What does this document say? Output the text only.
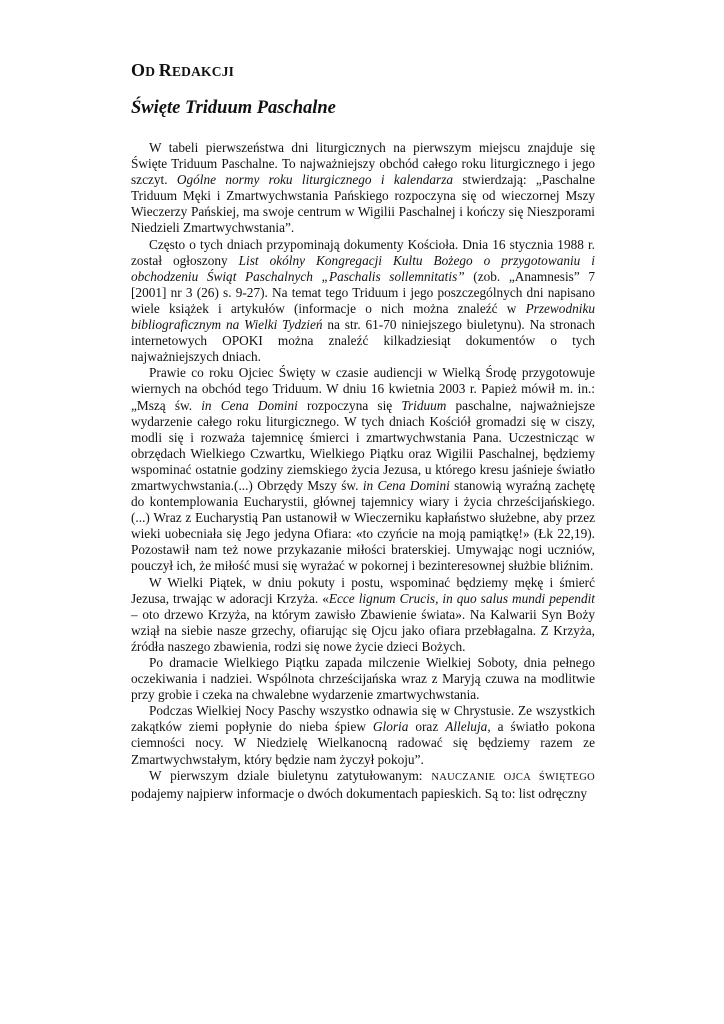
OD REDAKCJI
Święte Triduum Paschalne

W tabeli pierwszeństwa dni liturgicznych na pierwszym miejscu znajduje się Święte Triduum Paschalne. To najważniejszy obchód całego roku liturgicznego i jego szczyt. Ogólne normy roku liturgicznego i kalendarza stwierdzają: „Paschalne Triduum Męki i Zmartwychwstania Pańskiego rozpoczyna się od wieczornej Mszy Wieczerzy Pańskiej, ma swoje centrum w Wigilii Paschalnej i kończy się Nieszporami Niedzieli Zmartwychwstania”.

Często o tych dniach przypominają dokumenty Kościoła. Dnia 16 stycznia 1988 r. został ogłoszony List okólny Kongregacji Kultu Bożego o przygotowaniu i obchodzeniu Świąt Paschalnych „Paschalis sollemnitatis” (zob. „Anamnesis” 7 [2001] nr 3 (26) s. 9-27). Na temat tego Triduum i jego poszczególnych dni napisano wiele książek i artykułów (informacje o nich można znaleźć w Przewodniku bibliograficznym na Wielki Tydzień na str. 61-70 niniejszego biuletynu). Na stronach internetowych OPOKI można znaleźć kilkadziesiąt dokumentów o tych najważniejszych dniach.

Prawie co roku Ojciec Święty w czasie audiencji w Wielką Środę przygotowuje wiernych na obchód tego Triduum. W dniu 16 kwietnia 2003 r. Papież mówił m. in.: „Mszą św. in Cena Domini rozpoczyna się Triduum paschalne, najważniejsze wydarzenie całego roku liturgicznego. W tych dniach Kościół gromadzi się w ciszy, modli się i rozważa tajemnicę śmierci i zmartwychwstania Pana. Uczestnicząc w obrzędach Wielkiego Czwartku, Wielkiego Piątku oraz Wigilii Paschalnej, będziemy wspominać ostatnie godziny ziemskiego życia Jezusa, u którego kresu jaśnieje światło zmartwychwstania.(...) Obrzędy Mszy św. in Cena Domini stanowią wyraźną zachętę do kontemplowania Eucharystii, głównej tajemnicy wiary i życia chrześcijańskiego. (...) Wraz z Eucharystią Pan ustanowił w Wieczerniku kapłaństwo służebne, aby przez wieki uobecniała się Jego jedyna Ofiara: «to czyńcie na moją pamiątkę!» (Łk 22,19). Pozostawił nam też nowe przykazanie miłości braterskiej. Umywając nogi uczniów, pouczył ich, że miłość musi się wyrażać w pokornej i bezinteresownej służbie bliźnim.

W Wielki Piątek, w dniu pokuty i postu, wspominać będziemy mękę i śmierć Jezusa, trwając w adoracji Krzyża. «Ecce lignum Crucis, in quo salus mundi pependit – oto drzewo Krzyża, na którym zawisło Zbawienie świata». Na Kalwarii Syn Boży wziął na siebie nasze grzechy, ofiarując się Ojcu jako ofiara przebłagalna. Z Krzyża, źródła naszego zbawienia, rodzi się nowe życie dzieci Bożych.

Po dramacie Wielkiego Piątku zapada milczenie Wielkiej Soboty, dnia pełnego oczekiwania i nadziei. Wspólnota chrześcijańska wraz z Maryją czuwa na modlitwie przy grobie i czeka na chwalebne wydarzenie zmartwychwstania.

Podczas Wielkiej Nocy Paschy wszystko odnawia się w Chrystusie. Ze wszystkich zakątków ziemi popłynie do nieba śpiew Gloria oraz Alleluja, a światło pokona ciemności nocy. W Niedzielę Wielkanocną radować się będziemy razem ze Zmartwychwstałym, który będzie nam życzył pokoju”.

W pierwszym dziale biuletynu zatytułowanym: NAUCZANIE OJCA ŚWIĘTEGO podajemy najpierw informacje o dwóch dokumentach papieskich. Są to: list odręczny
